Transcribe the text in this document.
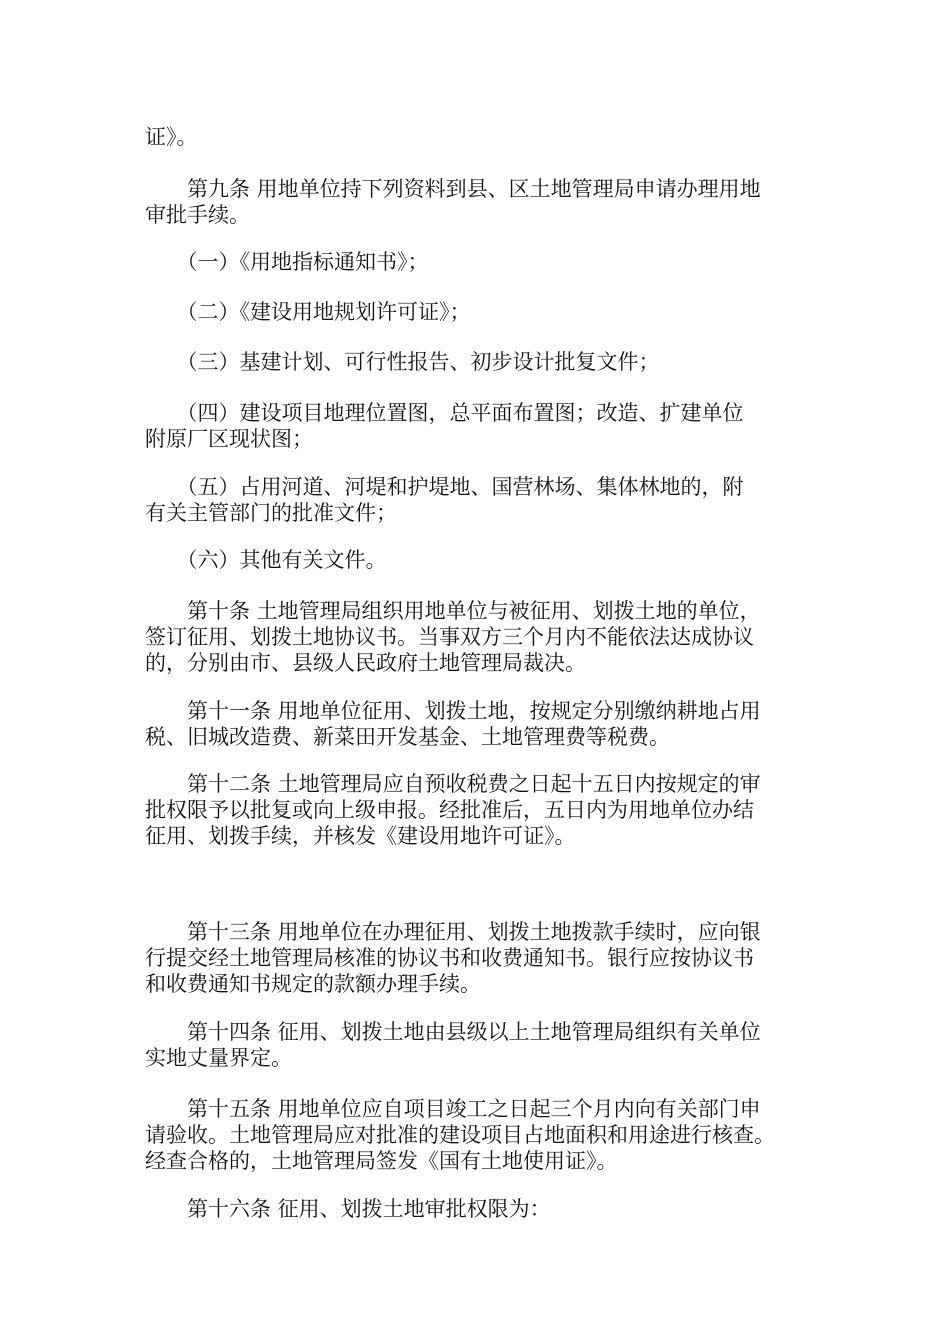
证》。

　　第九条 用地单位持下列资料到县、区土地管理局申请办理用地
审批手续。

　　（一）《用地指标通知书》；

　　（二）《建设用地规划许可证》；

　　（三）基建计划、可行性报告、初步设计批复文件；

　　（四）建设项目地理位置图，总平面布置图；改造、扩建单位
附原厂区现状图；

　　（五）占用河道、河堤和护堤地、国营林场、集体林地的，附
有关主管部门的批准文件；

　　（六）其他有关文件。

　　第十条 土地管理局组织用地单位与被征用、划拨土地的单位，
签订征用、划拨土地协议书。当事双方三个月内不能依法达成协议
的，分别由市、县级人民政府土地管理局裁决。

　　第十一条 用地单位征用、划拨土地，按规定分别缴纳耕地占用
税、旧城改造费、新菜田开发基金、土地管理费等税费。

　　第十二条 土地管理局应自预收税费之日起十五日内按规定的审
批权限予以批复或向上级申报。经批准后，五日内为用地单位办结
征用、划拨手续，并核发《建设用地许可证》。

　　第十三条 用地单位在办理征用、划拨土地拨款手续时，应向银
行提交经土地管理局核准的协议书和收费通知书。银行应按协议书
和收费通知书规定的款额办理手续。

　　第十四条 征用、划拨土地由县级以上土地管理局组织有关单位
实地丈量界定。

　　第十五条 用地单位应自项目竣工之日起三个月内向有关部门申
请验收。土地管理局应对批准的建设项目占地面积和用途进行核查。
经查合格的，土地管理局签发《国有土地使用证》。

　　第十六条 征用、划拨土地审批权限为：
